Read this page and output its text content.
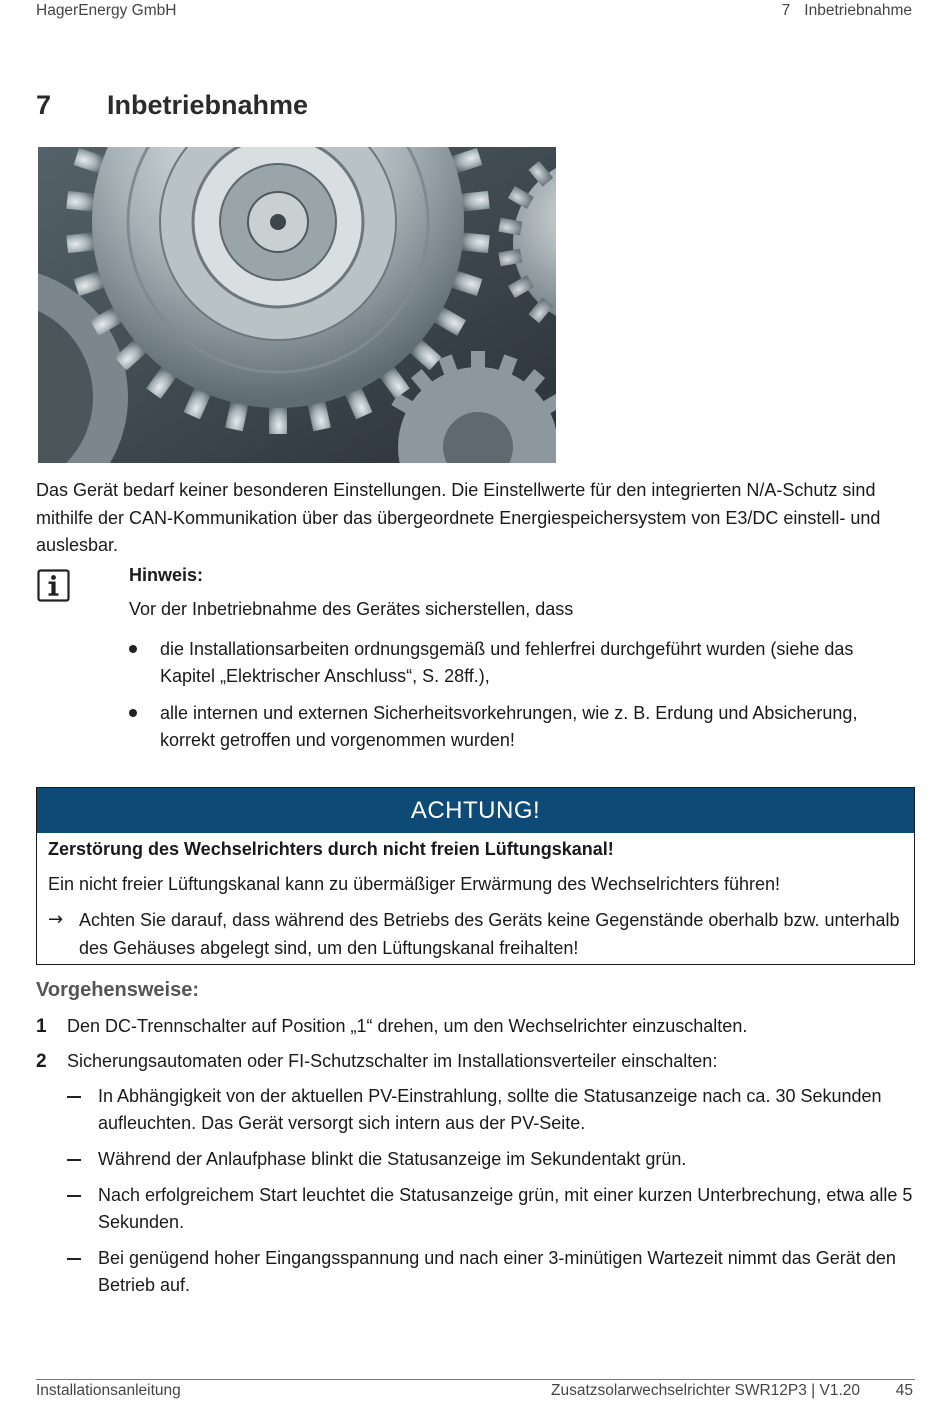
HagerEnergy GmbH	7 Inbetriebnahme
7 Inbetriebnahme

Das Gerät bedarf keiner besonderen Einstellungen. Die Einstellwerte für den integrierten N/A-Schutz sind mithilfe der CAN-Kommunikation über das übergeordnete Energiespeichersystem von E3/DC einstell- und auslesbar.

Hinweis:
Vor der Inbetriebnahme des Gerätes sicherstellen, dass
die Installationsarbeiten ordnungsgemäß und fehlerfrei durchgeführt wurden (siehe das Kapitel „Elektrischer Anschluss“, S. 28ff.),
alle internen und externen Sicherheitsvorkehrungen, wie z. B. Erdung und Absicherung, korrekt getroffen und vorgenommen wurden!
ACHTUNG!
Zerstörung des Wechselrichters durch nicht freien Lüftungskanal!
Ein nicht freier Lüftungskanal kann zu übermäßiger Erwärmung des Wechselrichters führen!
→ Achten Sie darauf, dass während des Betriebs des Geräts keine Gegenstände oberhalb bzw. unterhalb des Gehäuses abgelegt sind, um den Lüftungskanal freihalten!
Vorgehensweise:
1 Den DC-Trennschalter auf Position „1“ drehen, um den Wechselrichter einzuschalten.
2 Sicherungsautomaten oder FI-Schutzschalter im Installationsverteiler einschalten:
In Abhängigkeit von der aktuellen PV-Einstrahlung, sollte die Statusanzeige nach ca. 30 Sekunden aufleuchten. Das Gerät versorgt sich intern aus der PV-Seite.
Während der Anlaufphase blinkt die Statusanzeige im Sekundentakt grün.
Nach erfolgreichem Start leuchtet die Statusanzeige grün, mit einer kurzen Unterbrechung, etwa alle 5 Sekunden.
Bei genügend hoher Eingangsspannung und nach einer 3-minütigen Wartezeit nimmt das Gerät den Betrieb auf.
Installationsanleitung	Zusatzsolarwechselrichter SWR12P3 | V1.20 45
